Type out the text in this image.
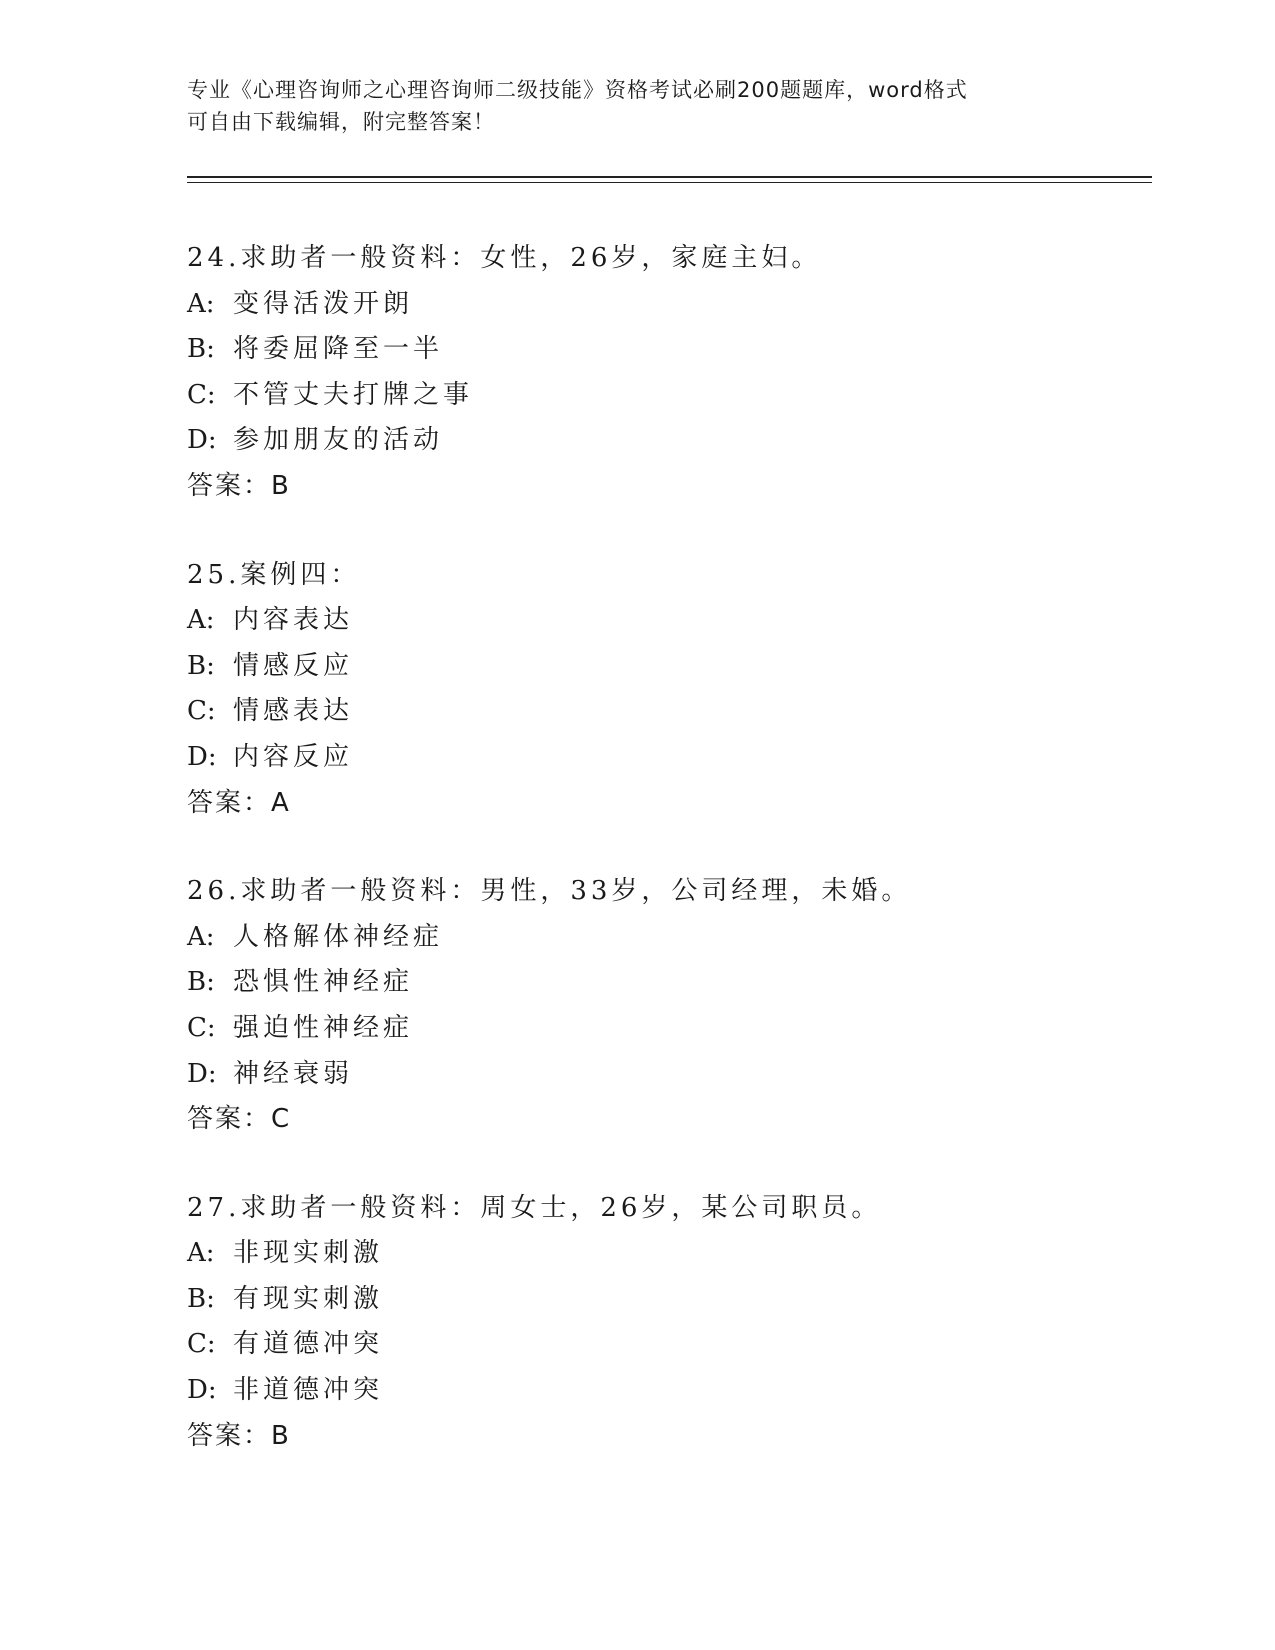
专业《心理咨询师之心理咨询师二级技能》资格考试必刷200题题库，word格式
可自由下载编辑，附完整答案！
24.求助者一般资料：女性，26岁，家庭主妇。
A: 变得活泼开朗
B: 将委屈降至一半
C: 不管丈夫打牌之事
D: 参加朋友的活动
答案：B
25.案例四：
A: 内容表达
B: 情感反应
C: 情感表达
D: 内容反应
答案：A
26.求助者一般资料：男性，33岁，公司经理，未婚。
A: 人格解体神经症
B: 恐惧性神经症
C: 强迫性神经症
D: 神经衰弱
答案：C
27.求助者一般资料：周女士，26岁，某公司职员。
A: 非现实刺激
B: 有现实刺激
C: 有道德冲突
D: 非道德冲突
答案：B
